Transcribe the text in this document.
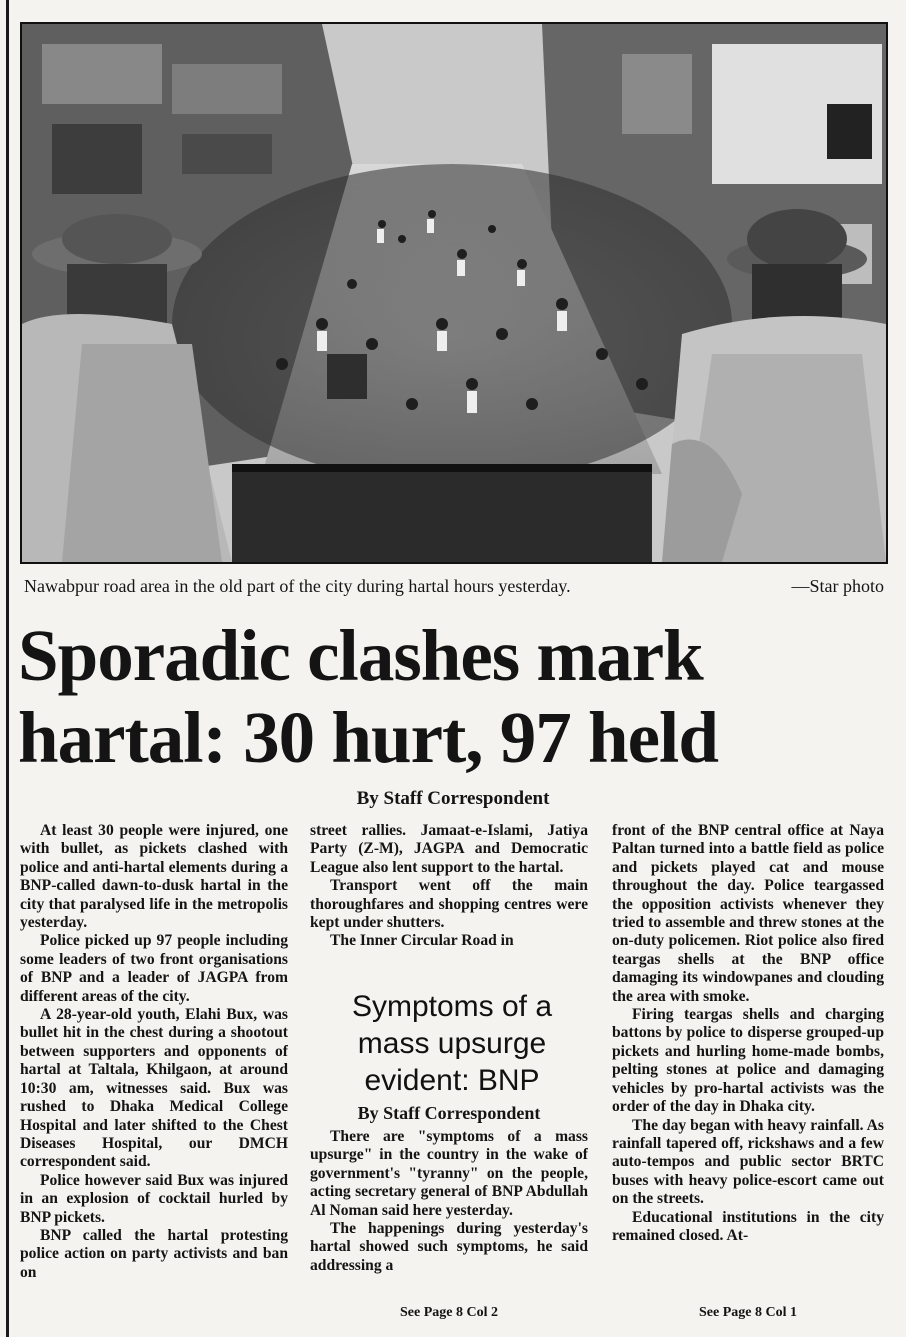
Nawabpur road area in the old part of the city during hartal hours yesterday.	—Star photo
Sporadic clashes mark
hartal: 30 hurt, 97 held
By Staff Correspondent

At least 30 people were injured, one with bullet, as pickets clashed with police and anti-hartal elements during a BNP-called dawn-to-dusk hartal in the city that paralysed life in the metropolis yesterday.

Police picked up 97 people including some leaders of two front organisations of BNP and a leader of JAGPA from different areas of the city.

A 28-year-old youth, Elahi Bux, was bullet hit in the chest during a shootout between supporters and opponents of hartal at Taltala, Khilgaon, at around 10:30 am, witnesses said. Bux was rushed to Dhaka Medical College Hospital and later shifted to the Chest Diseases Hospital, our DMCH correspondent said.

Police however said Bux was injured in an explosion of cocktail hurled by BNP pickets.

BNP called the hartal protesting police action on party activists and ban on

street rallies. Jamaat-e-Islami, Jatiya Party (Z-M), JAGPA and Democratic League also lent support to the hartal.

Transport went off the main thoroughfares and shopping centres were kept under shutters.

The Inner Circular Road in

Symptoms of a mass upsurge evident: BNP
By Staff Correspondent

There are "symptoms of a mass upsurge" in the country in the wake of government's "tyranny" on the people, acting secretary general of BNP Abdullah Al Noman said here yesterday.

The happenings during yesterday's hartal showed such symptoms, he said addressing a

See Page 8 Col 2

front of the BNP central office at Naya Paltan turned into a battle field as police and pickets played cat and mouse throughout the day. Police teargassed the opposition activists whenever they tried to assemble and threw stones at the on-duty policemen. Riot police also fired teargas shells at the BNP office damaging its windowpanes and clouding the area with smoke.

Firing teargas shells and charging battons by police to disperse grouped-up pickets and hurling home-made bombs, pelting stones at police and damaging vehicles by pro-hartal activists was the order of the day in Dhaka city.

The day began with heavy rainfall. As rainfall tapered off, rickshaws and a few auto-tempos and public sector BRTC buses with heavy police-escort came out on the streets.

Educational institutions in the city remained closed. At-

See Page 8 Col 1
